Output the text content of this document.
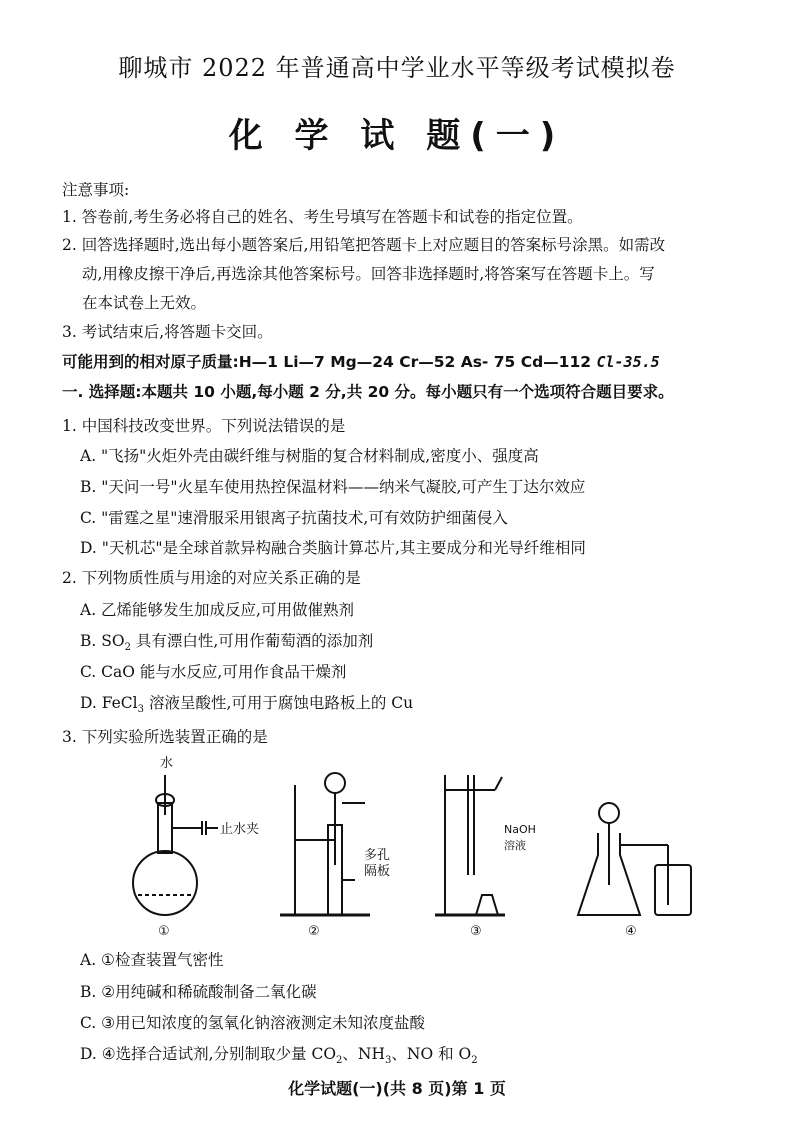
聊城市 2022 年普通高中学业水平等级考试模拟卷
化 学 试 题(一)
注意事项:
1. 答卷前,考生务必将自己的姓名、考生号填写在答题卡和试卷的指定位置。
2. 回答选择题时,选出每小题答案后,用铅笔把答题卡上对应题目的答案标号涂黑。如需改
动,用橡皮擦干净后,再选涂其他答案标号。回答非选择题时,将答案写在答题卡上。写
在本试卷上无效。
3. 考试结束后,将答题卡交回。
可能用到的相对原子质量:H—1 Li—7 Mg—24 Cr—52 As- 75 Cd—112 Cl-35.5
一. 选择题:本题共 10 小题,每小题 2 分,共 20 分。每小题只有一个选项符合题目要求。
1. 中国科技改变世界。下列说法错误的是
A. "飞扬"火炬外壳由碳纤维与树脂的复合材料制成,密度小、强度高
B. "天问一号"火星车使用热控保温材料——纳米气凝胶,可产生丁达尔效应
C. "雷霆之星"速滑服采用银离子抗菌技术,可有效防护细菌侵入
D. "天机芯"是全球首款异构融合类脑计算芯片,其主要成分和光导纤维相同
2. 下列物质性质与用途的对应关系正确的是
A. 乙烯能够发生加成反应,可用做催熟剂
B. $SO_2$ 具有漂白性,可用作葡萄酒的添加剂
C. CaO 能与水反应,可用作食品干燥剂
D. FeCl$_3$ 溶液呈酸性,可用于腐蚀电路板上的 Cu
3. 下列实验所选装置正确的是
水
止水夹
多孔
隔板
NaOH
溶液
①	②	③	④
A. ①检查装置气密性
B. ②用纯碱和稀硫酸制备二氧化碳
C. ③用已知浓度的氢氧化钠溶液测定未知浓度盐酸
D. ④选择合适试剂,分别制取少量 $CO_2$、$NH_3$、NO 和 $O_2$
化学试题(一)(共 8 页)第 1 页
